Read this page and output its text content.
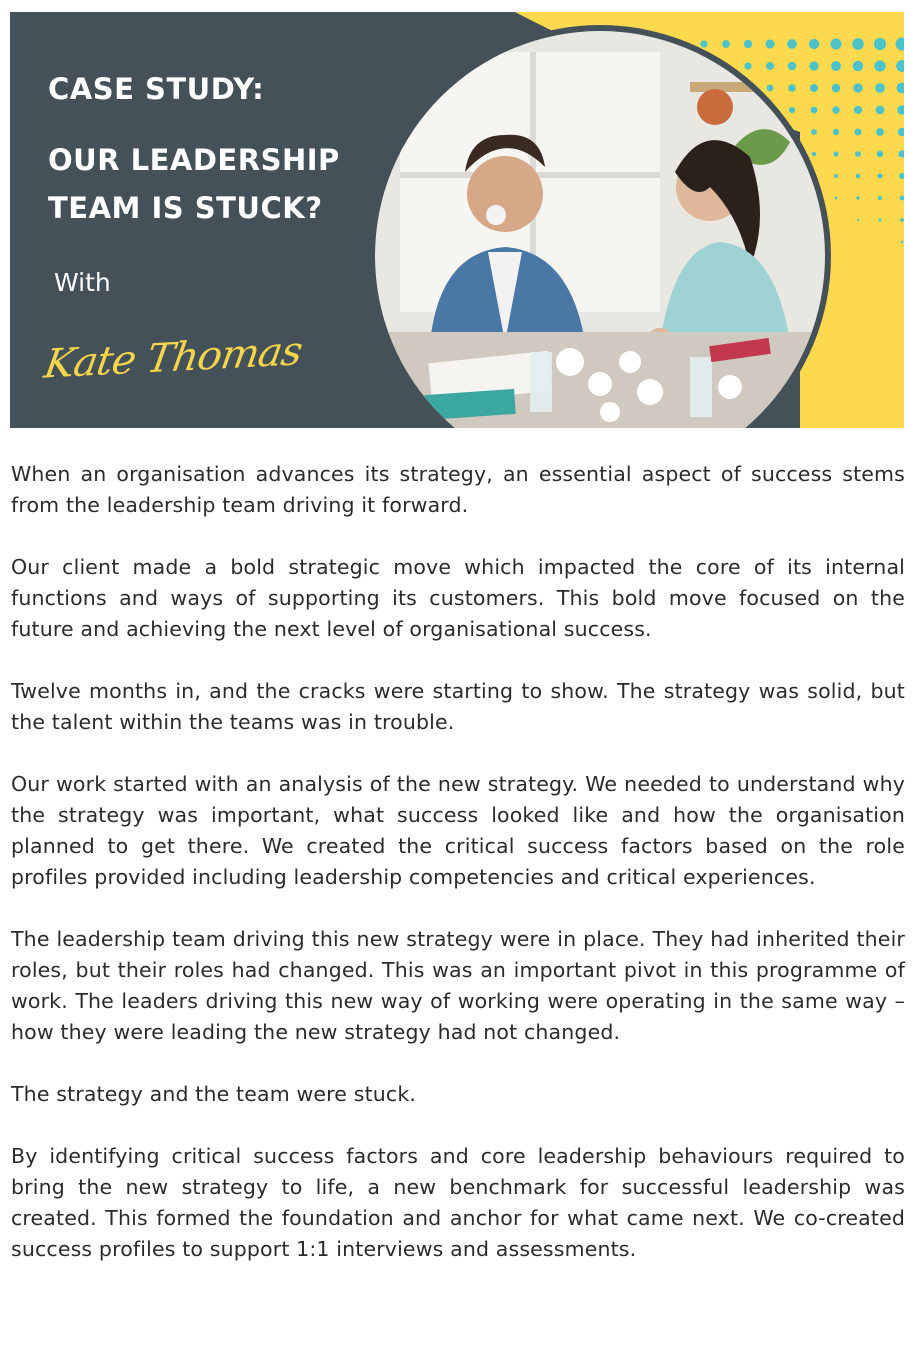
CASE STUDY:
OUR LEADERSHIP
TEAM IS STUCK?
With
Kate Thomas

When an organisation advances its strategy, an essential aspect of success stems from the leadership team driving it forward.

Our client made a bold strategic move which impacted the core of its internal functions and ways of supporting its customers. This bold move focused on the future and achieving the next level of organisational success.

Twelve months in, and the cracks were starting to show. The strategy was solid, but the talent within the teams was in trouble.

Our work started with an analysis of the new strategy. We needed to understand why the strategy was important, what success looked like and how the organisation planned to get there. We created the critical success factors based on the role profiles provided including leadership competencies and critical experiences.

The leadership team driving this new strategy were in place. They had inherited their roles, but their roles had changed. This was an important pivot in this programme of work. The leaders driving this new way of working were operating in the same way – how they were leading the new strategy had not changed.

The strategy and the team were stuck.

By identifying critical success factors and core leadership behaviours required to bring the new strategy to life, a new benchmark for successful leadership was created. This formed the foundation and anchor for what came next. We co-created success profiles to support 1:1 interviews and assessments.
